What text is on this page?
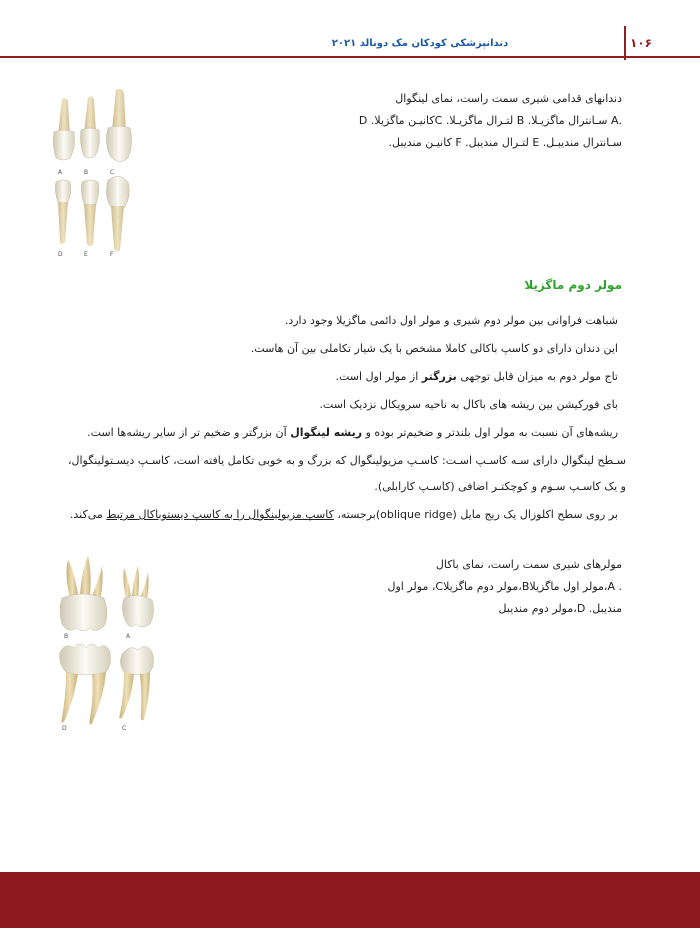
۱۰۶
دندانپزشکی کودکان مک دونالد ۲۰۲۱
A	B	C
D	E	F
دندانهای قدامی شیری سمت راست، نمای لینگوال
.A سـانترال ماگزیـلا. B لتـرال ماگزیـلا. Cکانیـن ماگزیلا. D
سـانترال مندیبـل. E لتـرال مندیبل. F کانیـن مندیبل.
مولر دوم ماگزیلا
شباهت فراوانی بین مولر دوم شیری و مولر اول دائمی ماگزیلا وجود دارد.
این دندان دارای دو کاسپ باکالی کاملا مشخص با یک شیار تکاملی بین آن هاست.
تاج مولر دوم به میزان قابل توجهی بزرگتر از مولر اول است.
بای فورکیشن بین ریشه های باکال به ناحیه سرویکال نزدیک است.
ریشه‌های آن نسبت به مولر اول بلندتر و ضخیم‌تر بوده و ریشه لینگوال آن بزرگتر و ضخیم تر از سایر ریشه‌ها است.
سـطح لینگوال دارای سـه کاسـپ اسـت: کاسـپ مزیولینگوال که بزرگ و به خوبی تکامل یافته است، کاسـپ دیسـتولینگوال،
و یک کاسـپ سـوم و کوچکتـر اضافی (کاسـپ کارابلی).
بر روی سطح اکلوزال یک ریج مایل (oblique ridge)برجسته، کاسپ مزیولینگوال را به کاسپ دیستوباکال مرتبط می‌کند.
B	A
D	C
مولرهای شیری سمت راست، نمای باکال
. A،مولر اول ماگزیلاB،مولر دوم ماگزیلاC، مولر اول
مندیبل. D،مولر دوم مندیبل
